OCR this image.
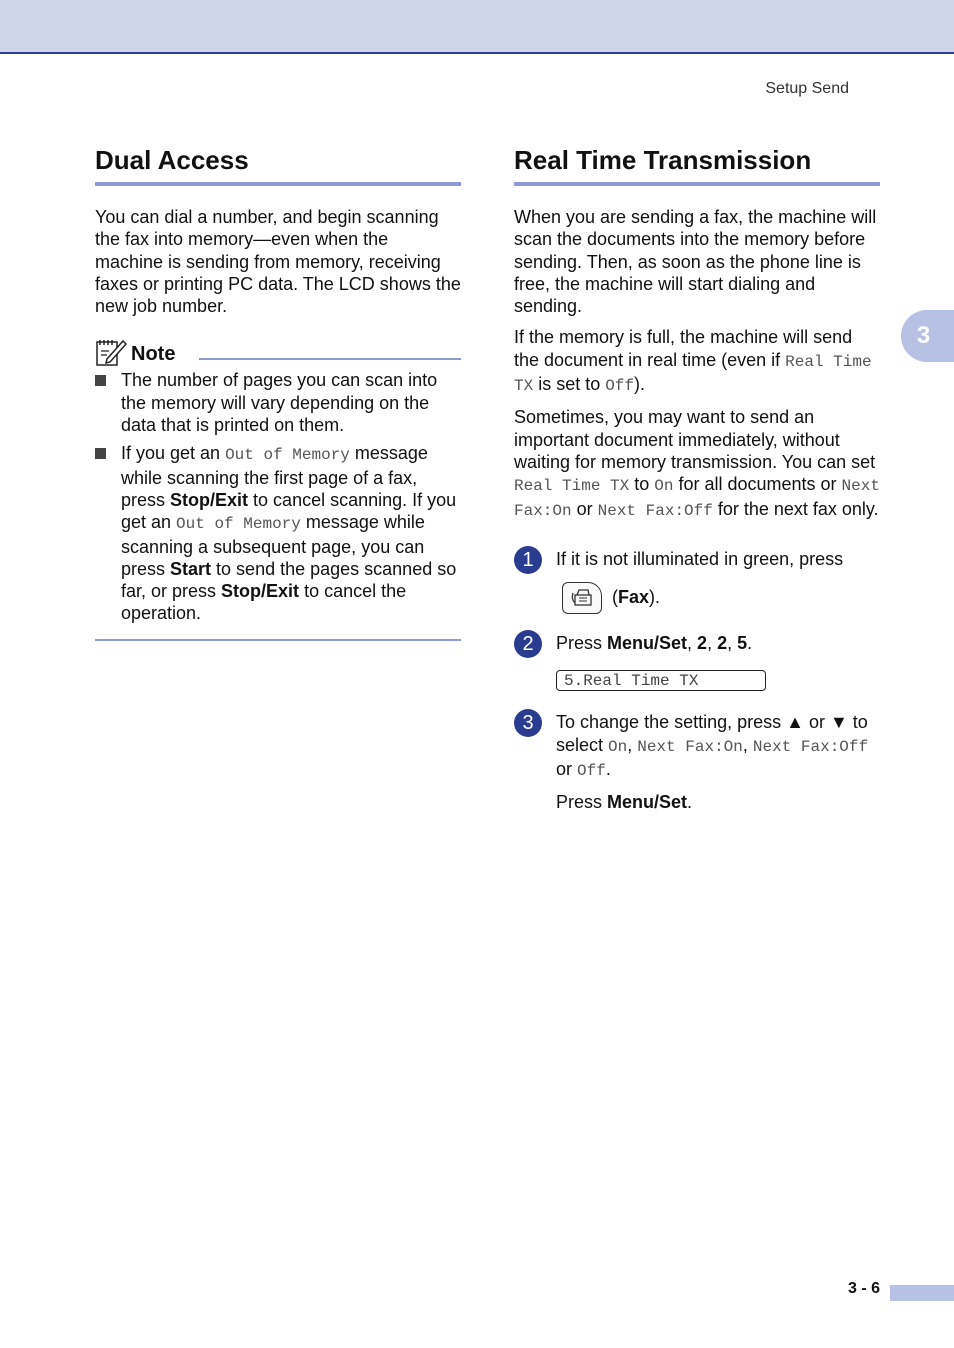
Setup Send
3
Dual Access

You can dial a number, and begin scanning the fax into memory—even when the machine is sending from memory, receiving faxes or printing PC data. The LCD shows the new job number.

Note

The number of pages you can scan into the memory will vary depending on the data that is printed on them.

If you get an Out of Memory message while scanning the first page of a fax, press Stop/Exit to cancel scanning. If you get an Out of Memory message while scanning a subsequent page, you can press Start to send the pages scanned so far, or press Stop/Exit to cancel the operation.

Real Time Transmission

When you are sending a fax, the machine will scan the documents into the memory before sending. Then, as soon as the phone line is free, the machine will start dialing and sending.

If the memory is full, the machine will send the document in real time (even if Real Time TX is set to Off).

Sometimes, you may want to send an important document immediately, without waiting for memory transmission. You can set Real Time TX to On for all documents or Next Fax:On or Next Fax:Off for the next fax only.

1	If it is not illuminated in green, press

(Fax).
2	Press Menu/Set, 2, 2, 5.

5.Real Time TX
3	To change the setting, press ▲ or ▼ to select On, Next Fax:On, Next Fax:Off or Off.

Press Menu/Set.

3 - 6
